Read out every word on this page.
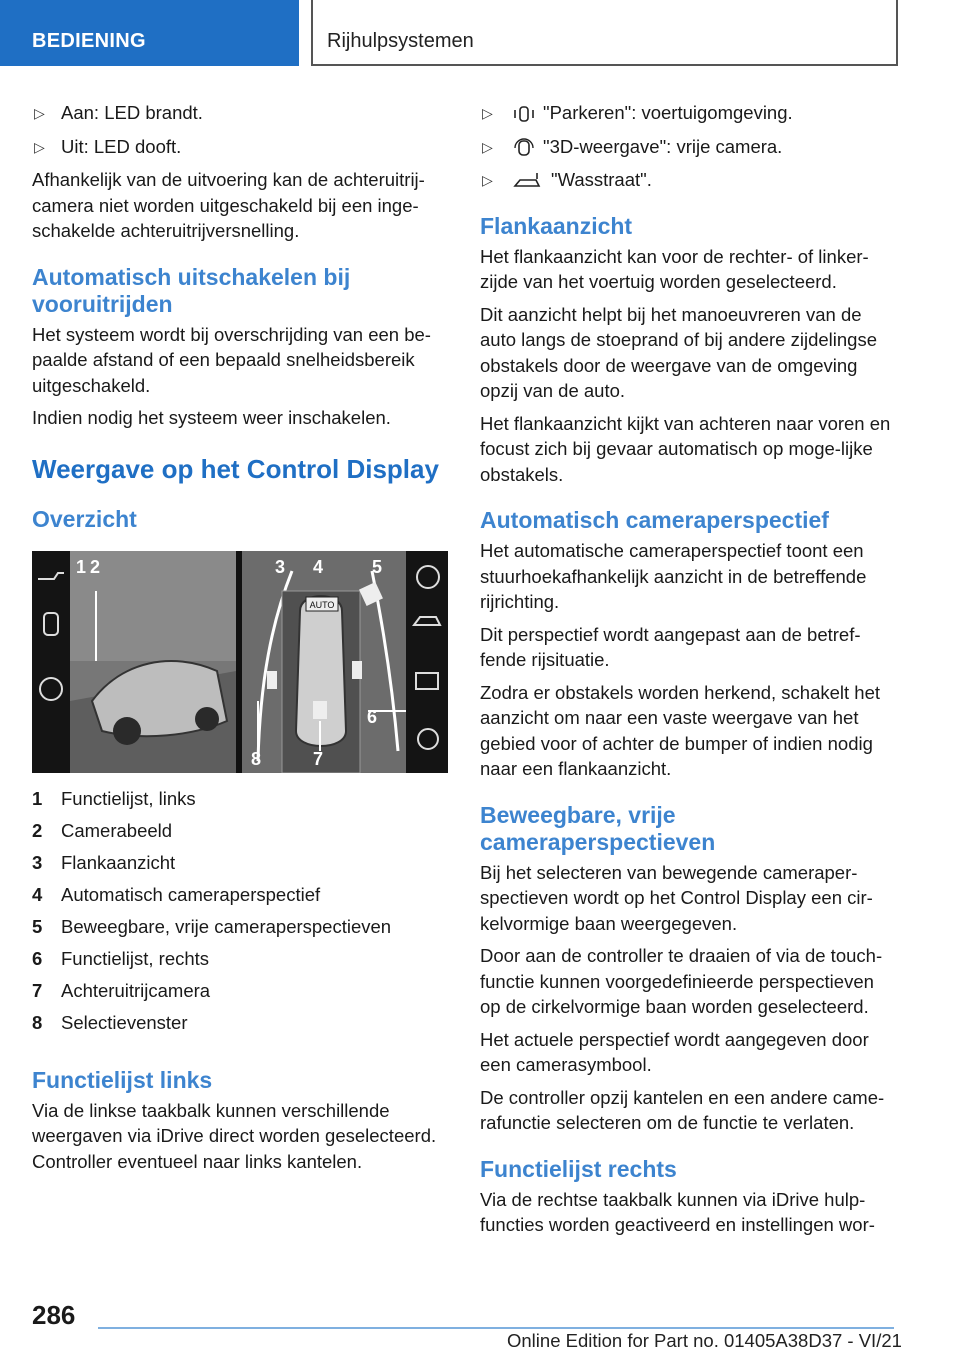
BEDIENING	Rijhulpsystemen

▷ Aan: LED brandt.

▷ Uit: LED dooft.

Afhankelijk van de uitvoering kan de achteruitrij-camera niet worden uitgeschakeld bij een inge-schakelde achteruitrijversnelling.

Automatisch uitschakelen bij vooruitrijden

Het systeem wordt bij overschrijding van een be-paalde afstand of een bepaald snelheidsbereik uitgeschakeld.

Indien nodig het systeem weer inschakelen.

Weergave op het Control Display
Overzicht
AUTO
1 2	3 4	5
6
7
8
1 Functielijst, links
2 Camerabeeld
3 Flankaanzicht
4 Automatisch cameraperspectief
5 Beweegbare, vrije cameraperspectieven
6 Functielijst, rechts
7 Achteruitrijcamera
8 Selectievenster
Functielijst links

Via de linkse taakbalk kunnen verschillende weergaven via iDrive direct worden geselecteerd. Controller eventueel naar links kantelen.

▷	"Parkeren": voertuigomgeving.

▷	"3D-weergave": vrije camera.

▷	"Wasstraat".

Flankaanzicht

Het flankaanzicht kan voor de rechter- of linker-zijde van het voertuig worden geselecteerd.

Dit aanzicht helpt bij het manoeuvreren van de auto langs de stoeprand of bij andere zijdelingse obstakels door de weergave van de omgeving opzij van de auto.

Het flankaanzicht kijkt van achteren naar voren en focust zich bij gevaar automatisch op moge-lijke obstakels.

Automatisch cameraperspectief

Het automatische cameraperspectief toont een stuurhoekafhankelijk aanzicht in de betreffende rijrichting.

Dit perspectief wordt aangepast aan de betref-fende rijsituatie.

Zodra er obstakels worden herkend, schakelt het aanzicht om naar een vaste weergave van het gebied voor of achter de bumper of indien nodig naar een flankaanzicht.

Beweegbare, vrije cameraperspectieven

Bij het selecteren van bewegende cameraper-spectieven wordt op het Control Display een cir-kelvormige baan weergegeven.

Door aan de controller te draaien of via de touch-functie kunnen voorgedefinieerde perspectieven op de cirkelvormige baan worden geselecteerd.

Het actuele perspectief wordt aangegeven door een camerasymbool.

De controller opzij kantelen en een andere came-rafunctie selecteren om de functie te verlaten.

Functielijst rechts

Via de rechtse taakbalk kunnen via iDrive hulp-functies worden geactiveerd en instellingen wor-

286
Online Edition for Part no. 01405A38D37 - VI/21
